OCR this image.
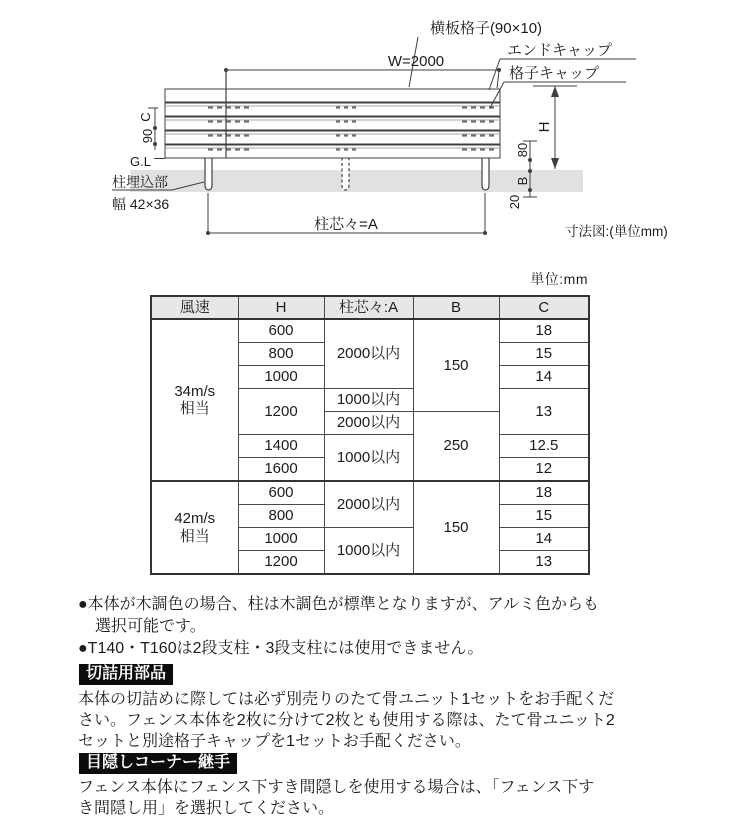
横板格子(90×10)
W=2000
エンドキャップ
格子キャップ
C
90
G.L
柱埋込部
幅 42×36
柱芯々=A
H
80
B
20
寸法図:(単位mm)
単位:mm
風速	H	柱芯々:A	B	C

34m/s
相当	600	2000以内	150	18
	800			15
	1000			14
	1200	1000以内		13
		2000以内	250	
	1400	1000以内		12.5
	1600			12

42m/s
相当	600	2000以内	150	18
	800			15
	1000	1000以内		14
	1200			13
●本体が木調色の場合、柱は木調色が標準となりますが、アルミ色からも
選択可能です。
●T140・T160は2段支柱・3段支柱には使用できません。
切詰用部品
本体の切詰めに際しては必ず別売りのたて骨ユニット1セットをお手配くだ
さい。フェンス本体を2枚に分けて2枚とも使用する際は、たて骨ユニット2
セットと別途格子キャップを1セットお手配ください。
目隠しコーナー継手
フェンス本体にフェンス下すき間隠しを使用する場合は、「フェンス下す
き間隠し用」を選択してください。
